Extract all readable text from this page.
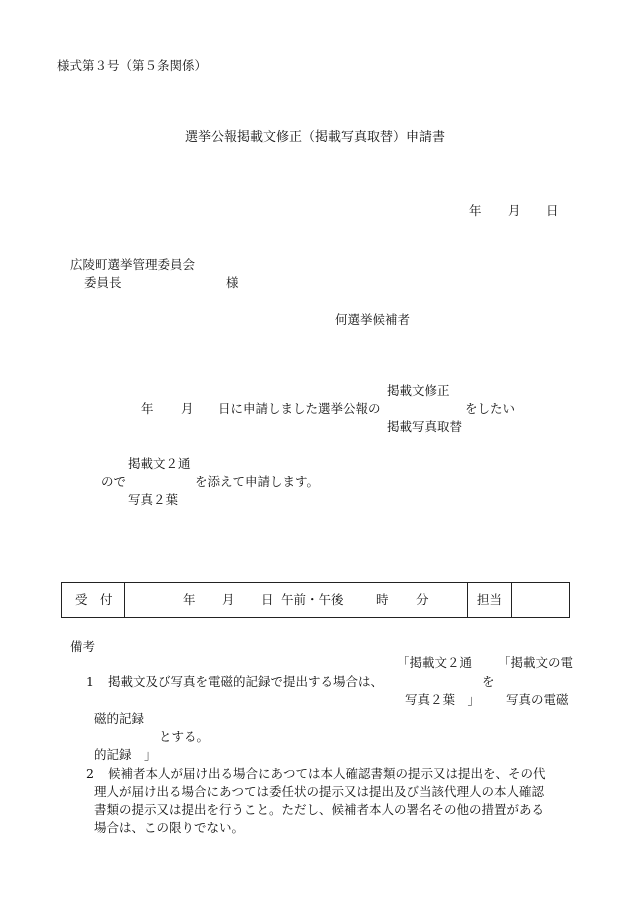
様式第３号（第５条関係）
選挙公報掲載文修正（掲載写真取替）申請書
年 月 日
広陵町選挙管理委員会
委員長	様
何選挙候補者
掲載文修正
年 月 日に申請しました選挙公報の	をしたい
掲載写真取替
掲載文２通
ので	を添えて申請します。
写真２葉
受　付	年 月 日 午前・午後	時 分	担当
備考
「掲載文２通 「掲載文の電
1 掲載文及び写真を電磁的記録で提出する場合は、	を
写真２葉　」 写真の電磁
磁的記録
とする。
的記録　」
2 候補者本人が届け出る場合にあつては本人確認書類の提示又は提出を、その代
理人が届け出る場合にあつては委任状の提示又は提出及び当該代理人の本人確認
書類の提示又は提出を行うこと。ただし、候補者本人の署名その他の措置がある
場合は、この限りでない。
